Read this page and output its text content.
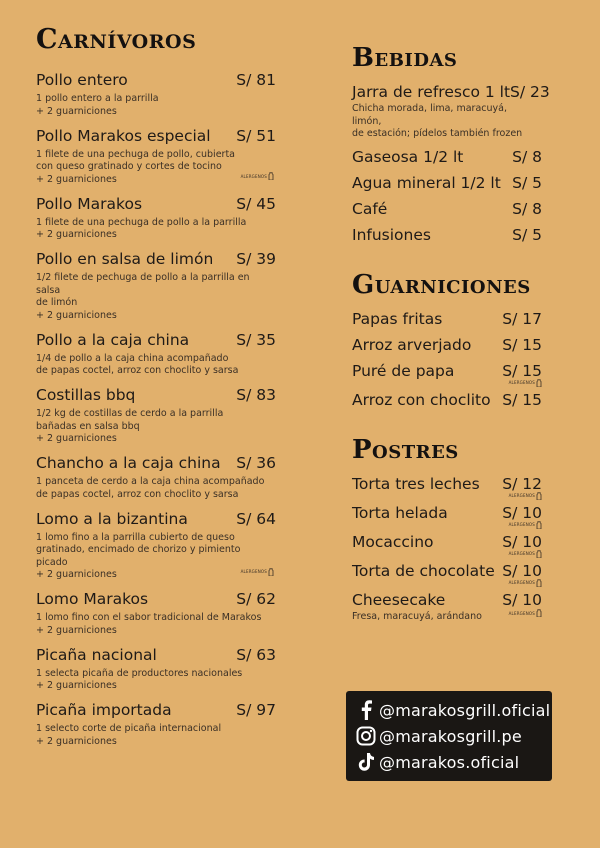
Carnívoros
Pollo entero	S/ 81
1 pollo entero a la parrilla
+ 2 guarniciones
Pollo Marakos especial S/ 51
1 filete de una pechuga de pollo, cubierta
con queso gratinado y cortes de tocino
+ 2 guarniciones	ALERGENOS
Pollo Marakos	S/ 45
1 filete de una pechuga de pollo a la parrilla
+ 2 guarniciones
Pollo en salsa de limón S/ 39
1/2 filete de pechuga de pollo a la parrilla en salsa
de limón
+ 2 guarniciones
Pollo a la caja china	S/ 35
1/4 de pollo a la caja china acompañado
de papas coctel, arroz con choclito y sarsa
Costillas bbq	S/ 83
1/2 kg de costillas de cerdo a la parrilla
bañadas en salsa bbq
+ 2 guarniciones
Chancho a la caja china S/ 36
1 panceta de cerdo a la caja china acompañado
de papas coctel, arroz con choclito y sarsa
Lomo a la bizantina	S/ 64
1 lomo fino a la parrilla cubierto de queso
gratinado, encimado de chorizo y pimiento picado
+ 2 guarniciones	ALERGENOS
Lomo Marakos	S/ 62
1 lomo fino con el sabor tradicional de Marakos
+ 2 guarniciones
Picaña nacional	S/ 63
1 selecta picaña de productores nacionales
+ 2 guarniciones
Picaña importada	S/ 97
1 selecto corte de picaña internacional
+ 2 guarniciones
Bebidas
Jarra de refresco 1 lt S/ 23
Chicha morada, lima, maracuyá, limón,
de estación; pídelos también frozen
Gaseosa 1/2 lt	S/ 8
Agua mineral 1/2 lt S/ 5
Café	S/ 8
Infusiones	S/ 5
Guarniciones
Papas fritas	S/ 17
Arroz arverjado S/ 15
Puré de papa	S/ 15
ALERGENOS
Arroz con choclito S/ 15
Postres
Torta tres leches S/ 12
ALERGENOS
Torta helada	S/ 10
ALERGENOS
Mocaccino	S/ 10
ALERGENOS
Torta de chocolate S/ 10
ALERGENOS
Cheesecake	S/ 10
Fresa, maracuyá, arándano	ALERGENOS
@marakosgrill.oficial
@marakosgrill.pe
@marakos.oficial
